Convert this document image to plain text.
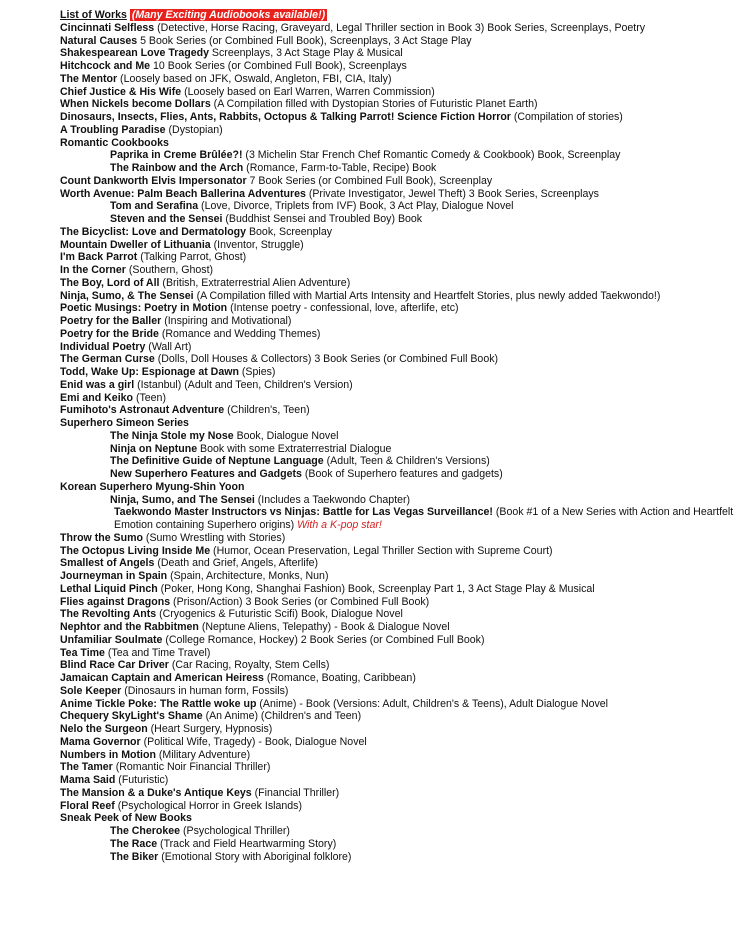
List of Works (Many Exciting Audiobooks available!)
Cincinnati Selfless (Detective, Horse Racing, Graveyard, Legal Thriller section in Book 3) Book Series, Screenplays, Poetry
Natural Causes 5 Book Series (or Combined Full Book), Screenplays, 3 Act Stage Play
Shakespearean Love Tragedy Screenplays, 3 Act Stage Play & Musical
Hitchcock and Me 10 Book Series (or Combined Full Book), Screenplays
The Mentor (Loosely based on JFK, Oswald, Angleton, FBI, CIA, Italy)
Chief Justice & His Wife (Loosely based on Earl Warren, Warren Commission)
When Nickels become Dollars (A Compilation filled with Dystopian Stories of Futuristic Planet Earth)
Dinosaurs, Insects, Flies, Ants, Rabbits, Octopus & Talking Parrot! Science Fiction Horror (Compilation of stories)
A Troubling Paradise (Dystopian)
Romantic Cookbooks
Paprika in Creme Brûlée?! (3 Michelin Star French Chef Romantic Comedy & Cookbook) Book, Screenplay
The Rainbow and the Arch (Romance, Farm-to-Table, Recipe) Book
Count Dankworth Elvis Impersonator 7 Book Series (or Combined Full Book), Screenplay
Worth Avenue: Palm Beach Ballerina Adventures (Private Investigator, Jewel Theft) 3 Book Series, Screenplays
Tom and Serafina (Love, Divorce, Triplets from IVF) Book, 3 Act Play, Dialogue Novel
Steven and the Sensei (Buddhist Sensei and Troubled Boy) Book
The Bicyclist: Love and Dermatology Book, Screenplay
Mountain Dweller of Lithuania (Inventor, Struggle)
I'm Back Parrot (Talking Parrot, Ghost)
In the Corner (Southern, Ghost)
The Boy, Lord of All (British, Extraterrestrial Alien Adventure)
Ninja, Sumo, & The Sensei (A Compilation filled with Martial Arts Intensity and Heartfelt Stories, plus newly added Taekwondo!)
Poetic Musings: Poetry in Motion (Intense poetry - confessional, love, afterlife, etc)
Poetry for the Baller (Inspiring and Motivational)
Poetry for the Bride (Romance and Wedding Themes)
Individual Poetry (Wall Art)
The German Curse (Dolls, Doll Houses & Collectors) 3 Book Series (or Combined Full Book)
Todd, Wake Up: Espionage at Dawn (Spies)
Enid was a girl (Istanbul) (Adult and Teen, Children's Version)
Emi and Keiko (Teen)
Fumihoto's Astronaut Adventure (Children's, Teen)
Superhero Simeon Series
The Ninja Stole my Nose Book, Dialogue Novel
Ninja on Neptune Book with some Extraterrestrial Dialogue
The Definitive Guide of Neptune Language (Adult, Teen & Children's Versions)
New Superhero Features and Gadgets (Book of Superhero features and gadgets)
Korean Superhero Myung-Shin Yoon
Ninja, Sumo, and The Sensei (Includes a Taekwondo Chapter)
Taekwondo Master Instructors vs Ninjas: Battle for Las Vegas Surveillance! (Book #1 of a New Series with Action and Heartfelt Emotion containing Superhero origins) With a K-pop star!
Throw the Sumo (Sumo Wrestling with Stories)
The Octopus Living Inside Me (Humor, Ocean Preservation, Legal Thriller Section with Supreme Court)
Smallest of Angels (Death and Grief, Angels, Afterlife)
Journeyman in Spain (Spain, Architecture, Monks, Nun)
Lethal Liquid Pinch (Poker, Hong Kong, Shanghai Fashion) Book, Screenplay Part 1, 3 Act Stage Play & Musical
Flies against Dragons (Prison/Action) 3 Book Series (or Combined Full Book)
The Revolting Ants (Cryogenics & Futuristic Scifi) Book, Dialogue Novel
Nephtor and the Rabbitmen (Neptune Aliens, Telepathy) - Book & Dialogue Novel
Unfamiliar Soulmate (College Romance, Hockey) 2 Book Series (or Combined Full Book)
Tea Time (Tea and Time Travel)
Blind Race Car Driver (Car Racing, Royalty, Stem Cells)
Jamaican Captain and American Heiress (Romance, Boating, Caribbean)
Sole Keeper (Dinosaurs in human form, Fossils)
Anime Tickle Poke: The Rattle woke up (Anime) - Book (Versions: Adult, Children's & Teens), Adult Dialogue Novel
Chequery SkyLight's Shame (An Anime) (Children's and Teen)
Nelo the Surgeon (Heart Surgery, Hypnosis)
Mama Governor (Political Wife, Tragedy) - Book, Dialogue Novel
Numbers in Motion (Military Adventure)
The Tamer (Romantic Noir Financial Thriller)
Mama Said (Futuristic)
The Mansion & a Duke's Antique Keys (Financial Thriller)
Floral Reef (Psychological Horror in Greek Islands)
Sneak Peek of New Books
The Cherokee (Psychological Thriller)
The Race (Track and Field Heartwarming Story)
The Biker (Emotional Story with Aboriginal folklore)
